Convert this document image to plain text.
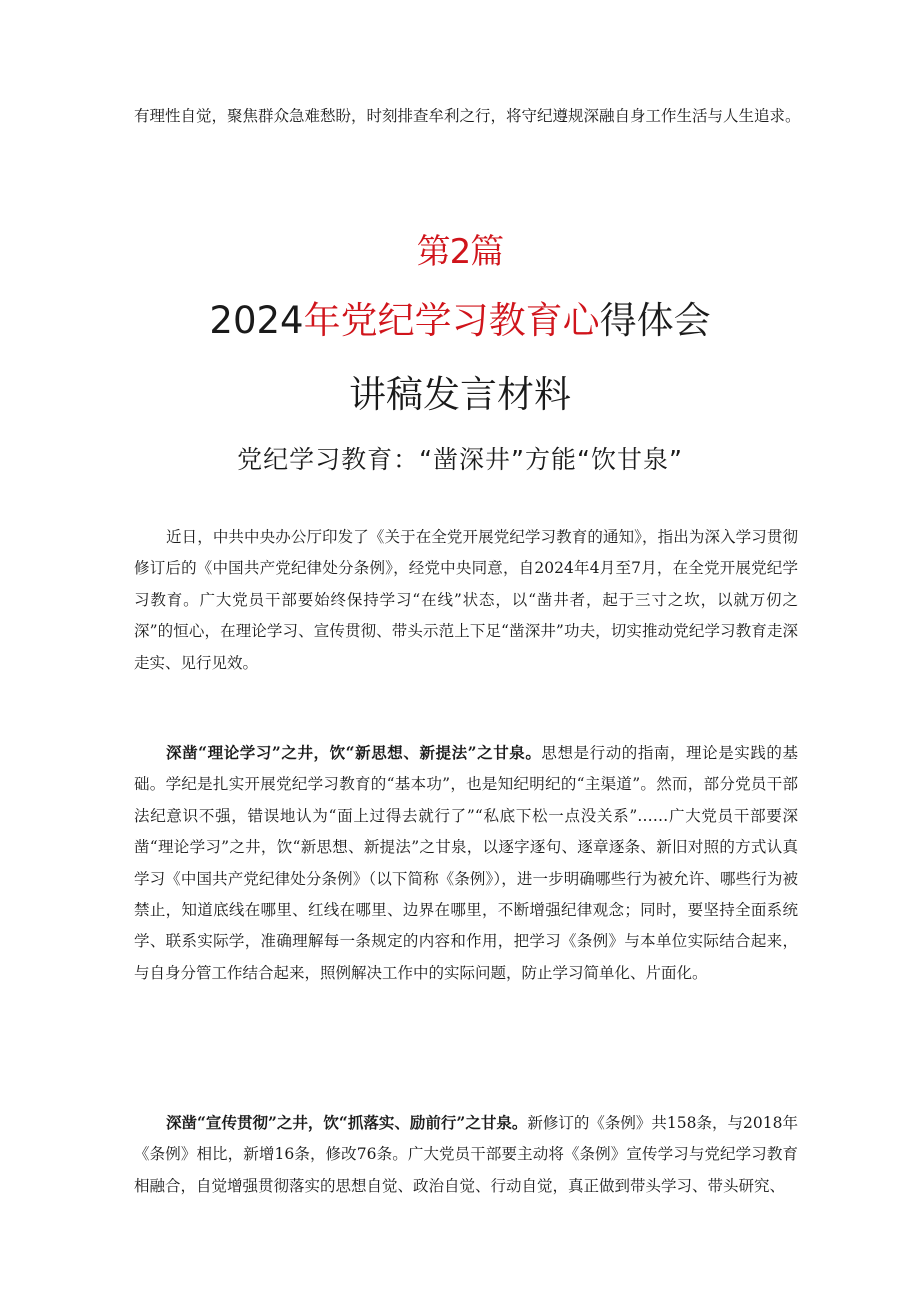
有理性自觉，聚焦群众急难愁盼，时刻排查牟利之行，将守纪遵规深融自身工作生活与人生追求。
第2篇
2024年党纪学习教育心得体会
讲稿发言材料
党纪学习教育：“凿深井”方能“饮甘泉”
近日，中共中央办公厅印发了《关于在全党开展党纪学习教育的通知》，指出为深入学习贯彻修订后的《中国共产党纪律处分条例》，经党中央同意，自2024年4月至7月，在全党开展党纪学习教育。广大党员干部要始终保持学习“在线”状态，以“凿井者，起于三寸之坎，以就万仞之深”的恒心，在理论学习、宣传贯彻、带头示范上下足“凿深井”功夫，切实推动党纪学习教育走深走实、见行见效。
深凿“理论学习”之井，饮“新思想、新提法”之甘泉。思想是行动的指南，理论是实践的基础。学纪是扎实开展党纪学习教育的“基本功”，也是知纪明纪的“主渠道”。然而，部分党员干部法纪意识不强，错误地认为“面上过得去就行了”“私底下松一点没关系”……广大党员干部要深凿“理论学习”之井，饮“新思想、新提法”之甘泉，以逐字逐句、逐章逐条、新旧对照的方式认真学习《中国共产党纪律处分条例》（以下简称《条例》），进一步明确哪些行为被允许、哪些行为被禁止，知道底线在哪里、红线在哪里、边界在哪里，不断增强纪律观念；同时，要坚持全面系统学、联系实际学，准确理解每一条规定的内容和作用，把学习《条例》与本单位实际结合起来，与自身分管工作结合起来，照例解决工作中的实际问题，防止学习简单化、片面化。
深凿“宣传贯彻”之井，饮“抓落实、励前行”之甘泉。新修订的《条例》共158条，与2018年《条例》相比，新增16条，修改76条。广大党员干部要主动将《条例》宣传学习与党纪学习教育相融合，自觉增强贯彻落实的思想自觉、政治自觉、行动自觉，真正做到带头学习、带头研究、
